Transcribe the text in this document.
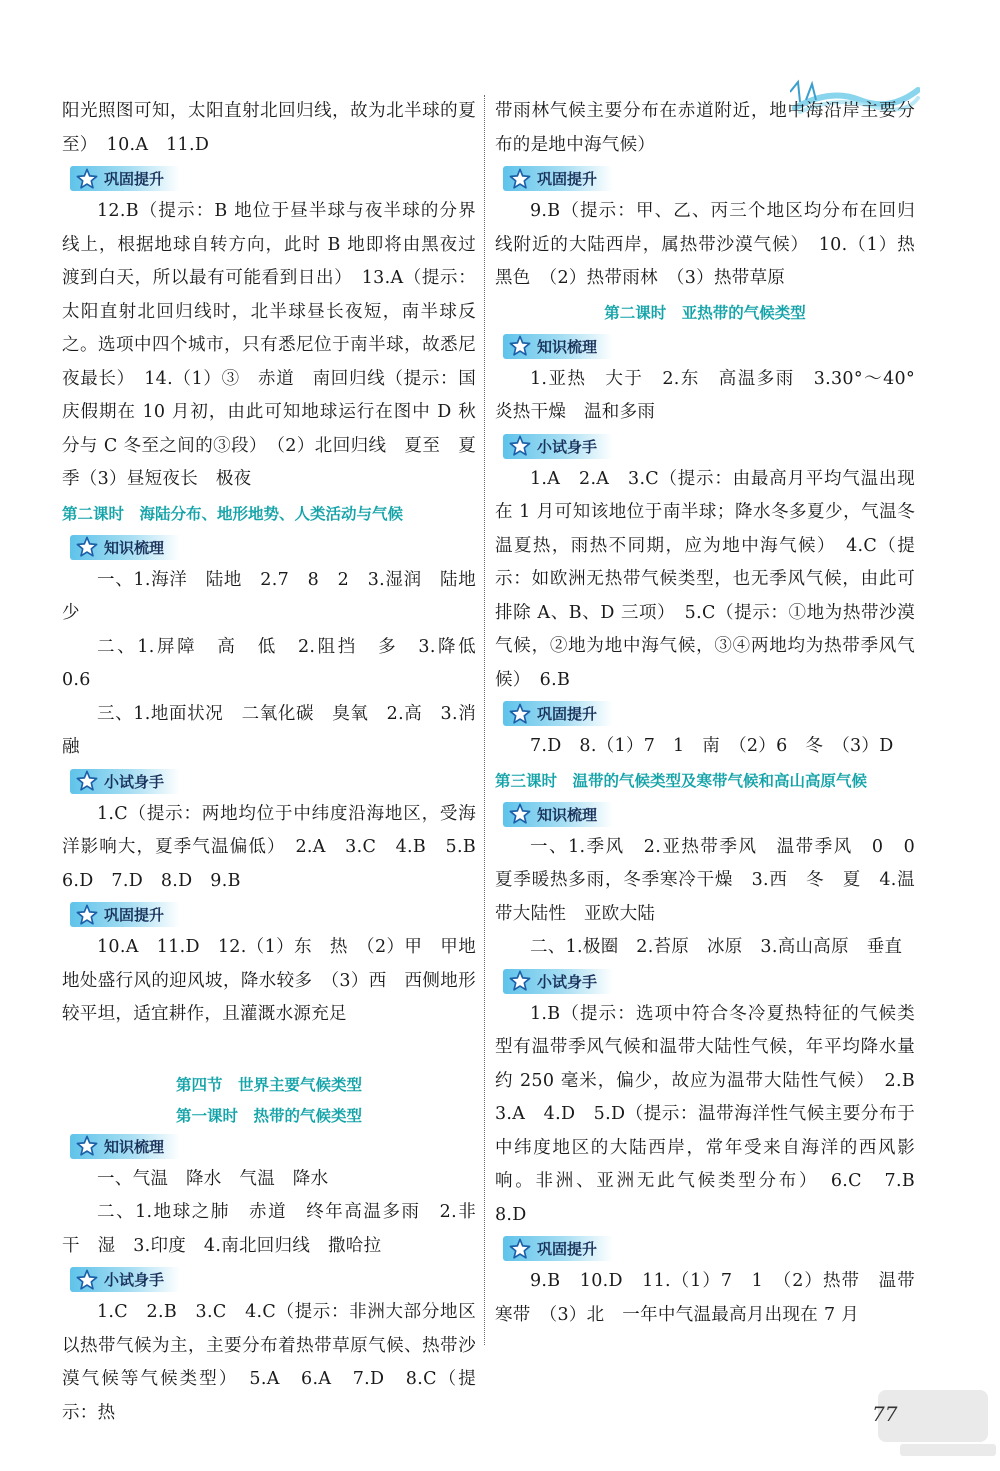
阳光照图可知，太阳直射北回归线，故为北半球的夏至）　10.A　11.D

巩固提升

12.B（提示：B 地位于昼半球与夜半球的分界线上，根据地球自转方向，此时 B 地即将由黑夜过渡到白天，所以最有可能看到日出）　13.A（提示：太阳直射北回归线时，北半球昼长夜短，南半球反之。选项中四个城市，只有悉尼位于南半球，故悉尼夜最长）　14.（1）③　赤道　南回归线（提示：国庆假期在 10 月初，由此可知地球运行在图中 D 秋分与 C 冬至之间的③段）　（2）北回归线　夏至　夏季（3）昼短夜长　极夜

第二课时　海陆分布、地形地势、人类活动与气候
知识梳理

一、1.海洋　陆地　2.7　8　2　3.湿润　陆地少

二、1.屏障　高　低　2.阻挡　多　3.降低　0.6

三、1.地面状况　二氧化碳　臭氧　2.高　3.消融

小试身手

1.C（提示：两地均位于中纬度沿海地区，受海洋影响大，夏季气温偏低）　2.A　3.C　4.B　5.B　6.D　7.D　8.D　9.B

巩固提升

10.A　11.D　12.（1）东　热　（2）甲　甲地地处盛行风的迎风坡，降水较多　（3）西　西侧地形较平坦，适宜耕作，且灌溉水源充足

第四节　世界主要气候类型
第一课时　热带的气候类型
知识梳理

一、气温　降水　气温　降水

二、1.地球之肺　赤道　终年高温多雨　2.非　干　湿　3.印度　4.南北回归线　撒哈拉

小试身手

1.C　2.B　3.C　4.C（提示：非洲大部分地区以热带气候为主，主要分布着热带草原气候、热带沙漠气候等气候类型）　5.A　6.A　7.D　8.C（提示：热

带雨林气候主要分布在赤道附近，地中海沿岸主要分布的是地中海气候）

巩固提升

9.B（提示：甲、乙、丙三个地区均分布在回归线附近的大陆西岸，属热带沙漠气候）　10.（1）热　黑色　（2）热带雨林　（3）热带草原

第二课时　亚热带的气候类型
知识梳理

1.亚热　大于　2.东　高温多雨　3.30°～40°　炎热干燥　温和多雨

小试身手

1.A　2.A　3.C（提示：由最高月平均气温出现在 1 月可知该地位于南半球；降水冬多夏少，气温冬温夏热，雨热不同期，应为地中海气候）　4.C（提示：如欧洲无热带气候类型，也无季风气候，由此可排除 A、B、D 三项）　5.C（提示：①地为热带沙漠气候，②地为地中海气候，③④两地均为热带季风气候）　6.B

巩固提升

7.D　8.（1）7　1　南　（2）6　冬　（3）D

第三课时　温带的气候类型及寒带气候和高山高原气候
知识梳理

一、1.季风　2.亚热带季风　温带季风　0　0　夏季暖热多雨，冬季寒冷干燥　3.西　冬　夏　4.温带大陆性　亚欧大陆

二、1.极圈　2.苔原　冰原　3.高山高原　垂直

小试身手

1.B（提示：选项中符合冬冷夏热特征的气候类型有温带季风气候和温带大陆性气候，年平均降水量约 250 毫米，偏少，故应为温带大陆性气候）　2.B　3.A　4.D　5.D（提示：温带海洋性气候主要分布于中纬度地区的大陆西岸，常年受来自海洋的西风影响。非洲、亚洲无此气候类型分布）　6.C　7.B　8.D

巩固提升

9.B　10.D　11.（1）7　1　（2）热带　温带　寒带　（3）北　一年中气温最高月出现在 7 月

77
